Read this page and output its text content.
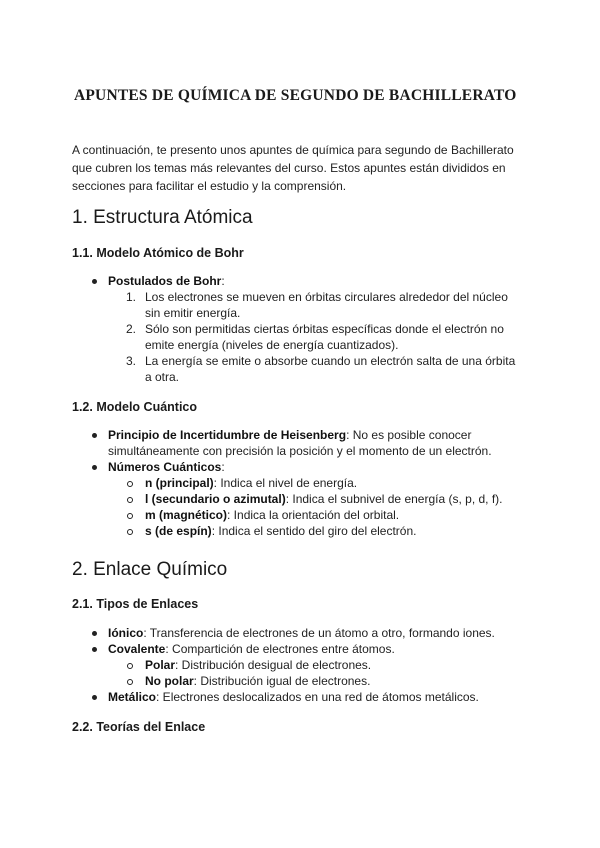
APUNTES DE QUÍMICA DE SEGUNDO DE BACHILLERATO

A continuación, te presento unos apuntes de química para segundo de Bachillerato que cubren los temas más relevantes del curso. Estos apuntes están divididos en secciones para facilitar el estudio y la comprensión.

1. Estructura Atómica
1.1. Modelo Atómico de Bohr
Postulados de Bohr:
1. Los electrones se mueven en órbitas circulares alrededor del núcleo
sin emitir energía.
2. Sólo son permitidas ciertas órbitas específicas donde el electrón no
emite energía (niveles de energía cuantizados).
3. La energía se emite o absorbe cuando un electrón salta de una órbita
a otra.
1.2. Modelo Cuántico
Principio de Incertidumbre de Heisenberg: No es posible conocer
simultáneamente con precisión la posición y el momento de un electrón.
Números Cuánticos:
n (principal): Indica el nivel de energía.
l (secundario o azimutal): Indica el subnivel de energía (s, p, d, f).
m (magnético): Indica la orientación del orbital.
s (de espín): Indica el sentido del giro del electrón.
2. Enlace Químico
2.1. Tipos de Enlaces
Iónico: Transferencia de electrones de un átomo a otro, formando iones.
Covalente: Compartición de electrones entre átomos.
Polar: Distribución desigual de electrones.
No polar: Distribución igual de electrones.
Metálico: Electrones deslocalizados en una red de átomos metálicos.
2.2. Teorías del Enlace
